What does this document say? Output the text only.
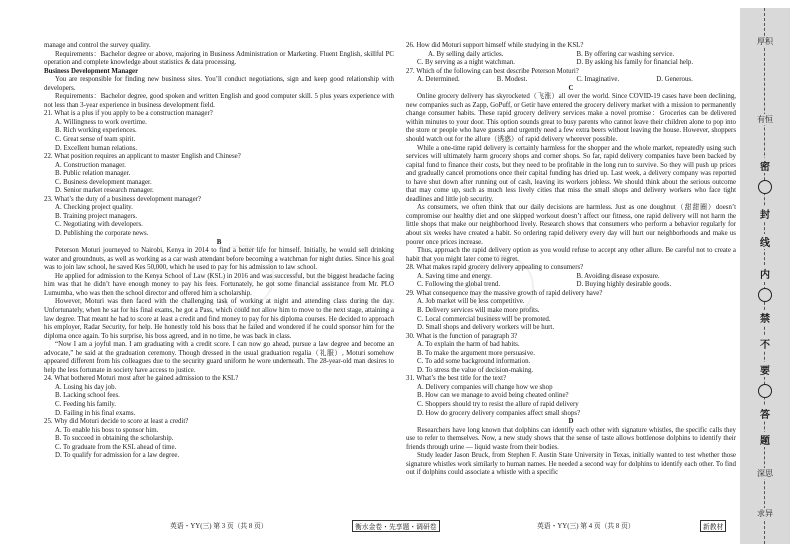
manage and control the survey quality.

Requirements：Bachelor degree or above, majoring in Business Administration or Marketing. Fluent English, skillful PC operation and complete knowledge about statistics & data processing.

Business Development Manager

You are responsible for finding new business sites. You’ll conduct negotiations, sign and keep good relationship with developers.

Requirements：Bachelor degree, good spoken and written English and good computer skill. 5 plus years experience with not less than 3-year experience in business development field.

21. What is a plus if you apply to be a construction manager?

A. Willingness to work overtime.

B. Rich working experiences.

C. Great sense of team spirit.

D. Excellent human relations.

22. What position requires an applicant to master English and Chinese?

A. Construction manager.

B. Public relation manager.

C. Business development manager.

D. Senior market research manager.

23. What’s the duty of a business development manager?

A. Checking project quality.

B. Training project managers.

C. Negotiating with developers.

D. Publishing the corporate news.

B

Peterson Moturi journeyed to Nairobi, Kenya in 2014 to find a better life for himself. Initially, he would sell drinking water and groundnuts, as well as working as a car wash attendant before becoming a watchman for night duties. Since his goal was to join law school, he saved Kes 50,000, which he used to pay for his admission to law school.

He applied for admission to the Kenya School of Law (KSL) in 2016 and was successful, but the biggest headache facing him was that he didn’t have enough money to pay his fees. Fortunately, he got some financial assistance from Mr. PLO Lumumba, who was then the school director and offered him a scholarship.

However, Moturi was then faced with the challenging task of working at night and attending class during the day. Unfortunately, when he sat for his final exams, he got a Pass, which could not allow him to move to the next stage, attaining a law degree. That meant he had to score at least a credit and find money to pay for his diploma courses. He decided to approach his employer, Radar Security, for help. He honestly told his boss that he failed and wondered if he could sponsor him for the diploma once again. To his surprise, his boss agreed, and in no time, he was back in class.

“Now I am a joyful man. I am graduating with a credit score. I can now go ahead, pursue a law degree and become an advocate,” he said at the graduation ceremony. Though dressed in the usual graduation regalia（礼服）, Moturi somehow appeared different from his colleagues due to the security guard uniform he wore underneath. The 28-year-old man desires to help the less fortunate in society have access to justice.

24. What bothered Moturi most after he gained admission to the KSL?

A. Losing his day job.

B. Lacking school fees.

C. Feeding his family.

D. Failing in his final exams.

25. Why did Moturi decide to score at least a credit?

A. To enable his boss to sponsor him.

B. To succeed in obtaining the scholarship.

C. To graduate from the KSL ahead of time.

D. To qualify for admission for a law degree.

26. How did Moturi support himself while studying in the KSL?

A. By selling daily articles.	B. By offering car washing service.
C. By serving as a night watchman.	D. By asking his family for financial help.

27. Which of the following can best describe Peterson Moturi?

A. Determined.	B. Modest.	C. Imaginative.	D. Generous.

C

Online grocery delivery has skyrocketed（飞涨）all over the world. Since COVID-19 cases have been declining, new companies such as Zapp, GoPuff, or Getir have entered the grocery delivery market with a mission to permanently change consumer habits. These rapid grocery delivery services make a novel promise：Groceries can be delivered within minutes to your door. This option sounds great to busy parents who cannot leave their children alone to pop into the store or people who have guests and urgently need a few extra beers without leaving the house. However, shoppers should watch out for the allure（诱惑）of rapid delivery wherever possible.

While a one-time rapid delivery is certainly harmless for the shopper and the whole market, repeatedly using such services will ultimately harm grocery shops and corner shops. So far, rapid delivery companies have been backed by capital fund to finance their costs, but they need to be profitable in the long run to survive. So they will push up prices and gradually cancel promotions once their capital funding has dried up. Last week, a delivery company was reported to have shut down after running out of cash, leaving its workers jobless. We should think about the serious outcome that may come up, such as much less lively cities that miss the small shops and delivery workers who face tight deadlines and little job security.

As consumers, we often think that our daily decisions are harmless. Just as one doughnut（甜甜圈）doesn’t compromise our healthy diet and one skipped workout doesn’t affect our fitness, one rapid delivery will not harm the little shops that make our neighborhood lively. Research shows that consumers who perform a behavior regularly for about six weeks have created a habit. So ordering rapid delivery every day will hurt our neighborhoods and make us poorer once prices increase.

Thus, approach the rapid delivery option as you would refuse to accept any other allure. Be careful not to create a habit that you might later come to regret.

28. What makes rapid grocery delivery appealing to consumers?

A. Saving time and energy.	B. Avoiding disease exposure.
C. Following the global trend.	D. Buying highly desirable goods.

29. What consequence may the massive growth of rapid delivery have?

A. Job market will be less competitive.

B. Delivery services will make more profits.

C. Local commercial business will be promoted.

D. Small shops and delivery workers will be hurt.

30. What is the function of paragraph 3?

A. To explain the harm of bad habits.

B. To make the argument more persuasive.

C. To add some background information.

D. To stress the value of decision-making.

31. What’s the best title for the text?

A. Delivery companies will change how we shop

B. How can we manage to avoid being cheated online?

C. Shoppers should try to resist the allure of rapid delivery

D. How do grocery delivery companies affect small shops?

D

Researchers have long known that dolphins can identify each other with signature whistles, the specific calls they use to refer to themselves. Now, a new study shows that the sense of taste allows bottlenose dolphins to identify their friends through urine — liquid waste from their bodies.

Study leader Jason Bruck, from Stephen F. Austin State University in Texas, initially wanted to test whether those signature whistles work similarly to human names. He needed a second way for dolphins to identify each other. To find out if dolphins could associate a whistle with a specific

英语・YY(三) 第 3 页（共 8 页）	衡水金卷・先享题・调研卷	英语・YY(三) 第 4 页（共 8 页）	新教材
厚积
有恒
密
封
线
内
禁
不
要
答
题
深思
求异
